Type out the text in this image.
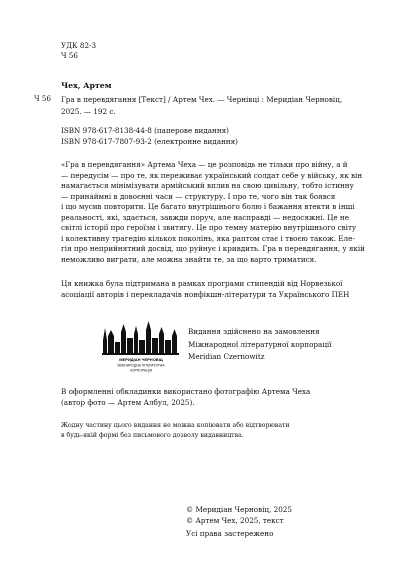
УДК 82-3
Ч 56
Чех, Артем
Ч 56 Гра в перевдягання [Текст] / Артем Чех. — Чернівці : Меридіан Черновіц,
2025. — 192 с.
ISBN 978-617-8138-44-8 (паперове видання)
ISBN 978-617-7807-93-2 (електронне видання)
«Гра в перевдягання» Артема Чеха — це розповідь не тільки про війну, а й
— передусім — про те, як переживає український солдат себе у війську, як він
намагається мінімізувати армійський вплив на свою цивільну, тобто істинну
— принаймні в довоєнні часи — структуру. І про те, чого він так боявся
і що мусив повторити. Це багато внутрішнього болю і бажання втекти в інші
реальності, які, здається, завжди поруч, але насправді — недосяжні. Це не
світлі історії про героїзм і звитягу. Це про темну матерію внутрішнього світу
і колективну трагедію кількох поколінь, яка раптом стає і твоєю також. Еле-
гія про неприйнятний досвід, що руйнує і кривдить. Гра в перевдягання, у якій
неможливо виграти, але можна знайти те, за що варто триматися.
Ця книжка була підтримана в рамках програми стипендій від Норвезької
асоціації авторів і перекладачів нонфікшн-літератури та Українського ПЕН
МЕРИДІАН ЧЕРНОВІЦ
МІЖНАРОДНА ЛІТЕРАТУРНА
КОРПОРАЦІЯ
Видання здійснено на замовлення
Міжнародної літературної корпорації
Meridian Czernowitz
В оформленні обкладинки використано фотографію Артема Чеха
(автор фото — Артем Албул, 2025).
Жодну частину цього видання не можна копіювати або відтворювати
в будь-якій формі без письмового дозволу видавництва.
© Меридіан Черновіц, 2025
© Артем Чех, 2025, текст
Усі права застережено
